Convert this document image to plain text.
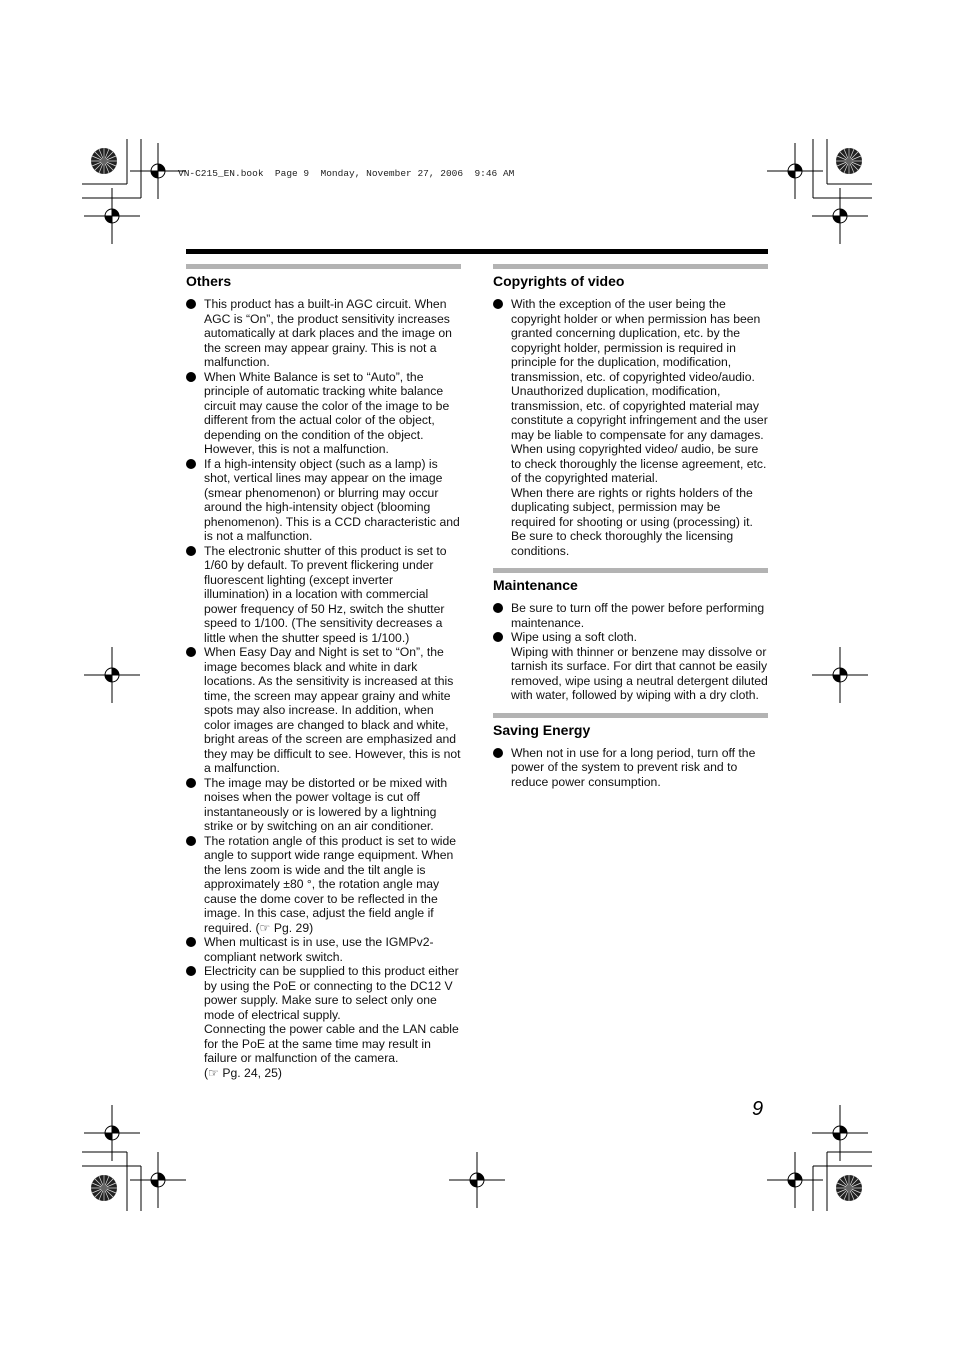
VN-C215_EN.book  Page 9  Monday, November 27, 2006  9:46 AM
Others
This product has a built-in AGC circuit. When AGC is “On”, the product sensitivity increases automatically at dark places and the image on the screen may appear grainy. This is not a malfunction.
When White Balance is set to “Auto”, the principle of automatic tracking white balance circuit may cause the color of the image to be different from the actual color of the object, depending on the condition of the object. However, this is not a malfunction.
If a high-intensity object (such as a lamp) is shot, vertical lines may appear on the image (smear phenomenon) or blurring may occur around the high-intensity object (blooming phenomenon). This is a CCD characteristic and is not a malfunction.
The electronic shutter of this product is set to 1/60 by default. To prevent flickering under fluorescent lighting (except inverter illumination) in a location with commercial power frequency of 50 Hz, switch the shutter speed to 1/100. (The sensitivity decreases a little when the shutter speed is 1/100.)
When Easy Day and Night is set to “On”, the image becomes black and white in dark locations. As the sensitivity is increased at this time, the screen may appear grainy and white spots may also increase. In addition, when color images are changed to black and white, bright areas of the screen are emphasized and they may be difficult to see. However, this is not a malfunction.
The image may be distorted or be mixed with noises when the power voltage is cut off instantaneously or is lowered by a lightning strike or by switching on an air conditioner.
The rotation angle of this product is set to wide angle to support wide range equipment. When the lens zoom is wide and the tilt angle is approximately ±80 °, the rotation angle may cause the dome cover to be reflected in the image. In this case, adjust the field angle if required. (☞ Pg. 29)
When multicast is in use, use the IGMPv2-compliant network switch.
Electricity can be supplied to this product either by using the PoE or connecting to the DC12 V power supply. Make sure to select only one mode of electrical supply.
Connecting the power cable and the LAN cable for the PoE at the same time may result in failure or malfunction of the camera.
(☞ Pg. 24, 25)
Copyrights of video
With the exception of the user being the copyright holder or when permission has been granted concerning duplication, etc. by the copyright holder, permission is required in principle for the duplication, modification, transmission, etc. of copyrighted video/audio. Unauthorized duplication, modification, transmission, etc. of copyrighted material may constitute a copyright infringement and the user may be liable to compensate for any damages. When using copyrighted video/ audio, be sure to check thoroughly the license agreement, etc. of the copyrighted material.
When there are rights or rights holders of the duplicating subject, permission may be required for shooting or using (processing) it. Be sure to check thoroughly the licensing conditions.
Maintenance
Be sure to turn off the power before performing maintenance.
Wipe using a soft cloth.
Wiping with thinner or benzene may dissolve or tarnish its surface. For dirt that cannot be easily removed, wipe using a neutral detergent diluted with water, followed by wiping with a dry cloth.
Saving Energy
When not in use for a long period, turn off the power of the system to prevent risk and to reduce power consumption.
9
